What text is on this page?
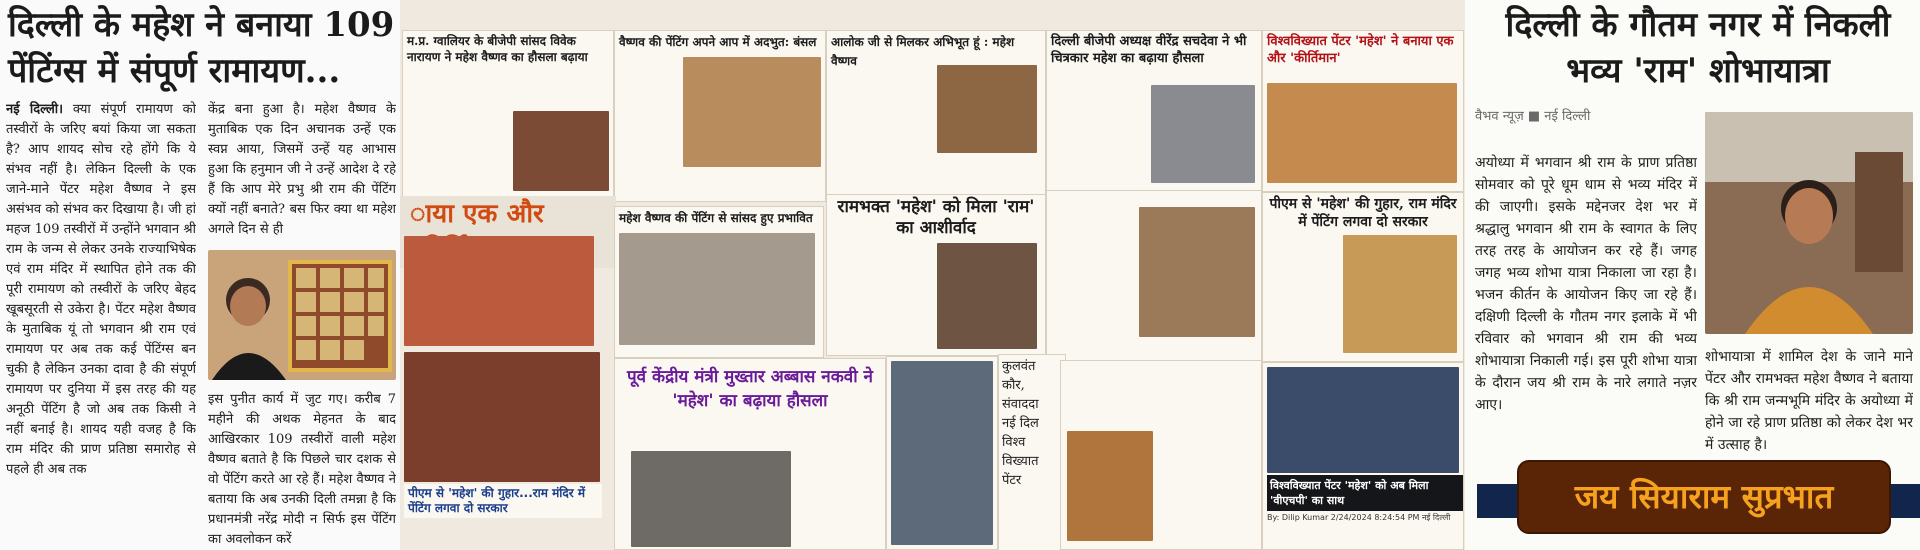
दिल्ली के महेश ने बनाया 109 पेंटिंग्स में संपूर्ण रामायण...
नई दिल्ली। क्या संपूर्ण रामायण को तस्वीरों के जरिए बयां किया जा सकता है? आप शायद सोच रहे होंगे कि ये संभव नहीं है। लेकिन दिल्ली के एक जाने-माने पेंटर महेश वैष्णव ने इस असंभव को संभव कर दिखाया है। जी हां महज 109 तस्वीरों में उन्होंने भगवान श्री राम के जन्म से लेकर उनके राज्याभिषेक एवं राम मंदिर में स्थापित होने तक की पूरी रामायण को तस्वीरों के जरिए बेहद खूबसूरती से उकेरा है। पेंटर महेश वैष्णव के मुताबिक यूं तो भगवान श्री राम एवं रामायण पर अब तक कई पेंटिंग्स बन चुकी है लेकिन उनका दावा है की संपूर्ण रामायण पर दुनिया में इस तरह की यह अनूठी पेंटिंग है जो अब तक किसी ने नहीं बनाई है। शायद यही वजह है कि राम मंदिर की प्राण प्रतिष्ठा समारोह से पहले ही अब तक
केंद्र बना हुआ है। महेश वैष्णव के मुताबिक एक दिन अचानक उन्हें एक स्वप्न आया, जिसमें उन्हें यह आभास हुआ कि हनुमान जी ने उन्हें आदेश दे रहे हैं कि आप मेरे प्रभु श्री राम की पेंटिंग क्यों नहीं बनाते? बस फिर क्या था महेश अगले दिन से ही
इस पुनीत कार्य में जुट गए। करीब 7 महीने की अथक मेहनत के बाद आखिरकार 109 तस्वीरों वाली महेश वैष्णव बताते है कि पिछले चार दशक से वो पेंटिंग करते आ रहे हैं। महेश वैष्णव ने बताया कि अब उनकी दिली तमन्ना है कि प्रधानमंत्री नरेंद्र मोदी न सिर्फ इस पेंटिंग का अवलोकन करें
म.प्र. ग्वालियर के बीजेपी सांसद विवेक नारायण ने महेश वैष्णव का हौसला बढ़ाया
वैष्णव की पेंटिंग अपने आप में अदभुत: बंसल	आलोक जी से मिलकर अभिभूत हूं : महेश वैष्णव
दिल्ली बीजेपी अध्यक्ष वीरेंद्र सचदेवा ने भी चित्रकार महेश का बढ़ाया हौसला
विश्वविख्यात पेंटर 'महेश' ने बनाया एक और 'कीर्तिमान'
ाया एक और	महेश वैष्णव की पेंटिंग से सांसद हुए प्रभावित
रामभक्त 'महेश' को मिला 'राम' का आशीर्वाद
पीएम से 'महेश' की गुहार, राम मंदिर में पेंटिंग लगवा दो सरकार
पीएम से 'महेश' की गुहार...राम मंदिर में पेंटिंग लगवा दो सरकार
पूर्व केंद्रीय मंत्री मुख्तार अब्बास नकवी ने 'महेश' का बढ़ाया हौसला
कुलवंत कौर,
संवाददा
नई दिल
विश्व
विख्यात
पेंटर	विश्वविख्यात पेंटर 'महेश' को अब मिला 'वीएचपी' का साथ
By: Dilip Kumar 2/24/2024 8:24:54 PM नई दिल्ली
दिल्ली के गौतम नगर में निकली भव्य 'राम' शोभायात्रा
वैभव न्यूज़ ■ नई दिल्ली
अयोध्या में भगवान श्री राम के प्राण प्रतिष्ठा सोमवार को पूरे धूम धाम से भव्य मंदिर में की जाएगी। इसके मद्देनजर देश भर में श्रद्धालु भगवान श्री राम के स्वागत के लिए तरह तरह के आयोजन कर रहे हैं। जगह जगह भव्य शोभा यात्रा निकाला जा रहा है। भजन कीर्तन के आयोजन किए जा रहे हैं। दक्षिणी दिल्ली के गौतम नगर इलाके में भी रविवार को भगवान श्री राम की भव्य शोभायात्रा निकाली गई। इस पूरी शोभा यात्रा के दौरान जय श्री राम के नारे लगाते नज़र आए।
शोभायात्रा में शामिल देश के जाने माने पेंटर और रामभक्त महेश वैष्णव ने बताया कि श्री राम जन्मभूमि मंदिर के अयोध्या में होने जा रहे प्राण प्रतिष्ठा को लेकर देश भर में उत्साह है।
जय सियाराम सुप्रभात
